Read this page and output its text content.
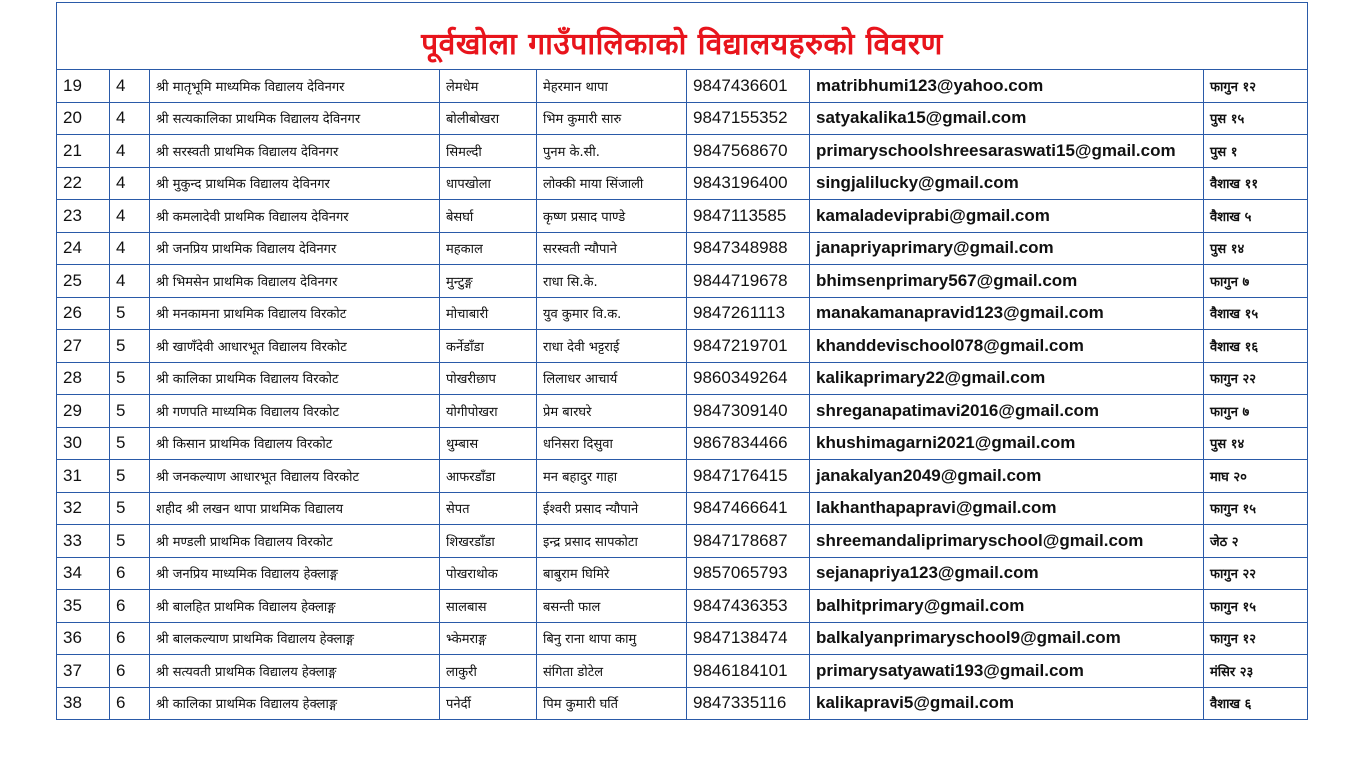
पूर्वखोला गाउँपालिकाको विद्यालयहरुको विवरण							
19	4	श्री मातृभूमि माध्यमिक विद्यालय देविनगर	लेमधेम	मेहरमान थापा	9847436601	matribhumi123@yahoo.com	फागुन १२
20	4	श्री सत्यकालिका प्राथमिक विद्यालय देविनगर	बोलीबोखरा	भिम कुमारी सारु	9847155352	satyakalika15@gmail.com	पुस १५
21	4	श्री सरस्वती प्राथमिक विद्यालय देविनगर	सिमल्दी	पुनम के.सी.	9847568670	primaryschoolshreesaraswati15@gmail.com	पुस १
22	4	श्री मुकुन्द प्राथमिक विद्यालय देविनगर	धापखोला	लोक्की माया सिंजाली	9843196400	singjalilucky@gmail.com	वैशाख ११
23	4	श्री कमलादेवी प्राथमिक विद्यालय देविनगर	बेसर्घा	कृष्ण प्रसाद पाण्डे	9847113585	kamaladeviprabi@gmail.com	वैशाख ५
24	4	श्री जनप्रिय प्राथमिक विद्यालय देविनगर	महकाल	सरस्वती न्यौपाने	9847348988	janapriyaprimary@gmail.com	पुस १४
25	4	श्री भिमसेन प्राथमिक विद्यालय देविनगर	मुन्टुङ्ग	राधा सि.के.	9844719678	bhimsenprimary567@gmail.com	फागुन ७
26	5	श्री मनकामना प्राथमिक विद्यालय विरकोट	मोचाबारी	युव कुमार वि.क.	9847261113	manakamanapravid123@gmail.com	वैशाख १५
27	5	श्री खाणँदेवी आधारभूत विद्यालय विरकोट	कर्नेडाँडा	राधा देवी भट्टराई	9847219701	khanddevischool078@gmail.com	वैशाख १६
28	5	श्री कालिका प्राथमिक विद्यालय विरकोट	पोखरीछाप	लिलाधर आचार्य	9860349264	kalikaprimary22@gmail.com	फागुन २२
29	5	श्री गणपति माध्यमिक विद्यालय विरकोट	योगीपोखरा	प्रेम बारघरे	9847309140	shreganapatimavi2016@gmail.com	फागुन ७
30	5	श्री किसान प्राथमिक विद्यालय विरकोट	थुम्बास	धनिसरा दिसुवा	9867834466	khushimagarni2021@gmail.com	पुस १४
31	5	श्री जनकल्याण आधारभूत विद्यालय विरकोट	आफरडाँडा	मन बहादुर गाहा	9847176415	janakalyan2049@gmail.com	माघ २०
32	5	शहीद श्री लखन थापा प्राथमिक विद्यालय	सेपत	ईश्वरी प्रसाद न्यौपाने	9847466641	lakhanthapapravi@gmail.com	फागुन १५
33	5	श्री मण्डली प्राथमिक विद्यालय विरकोट	शिखरडाँडा	इन्द्र प्रसाद सापकोटा	9847178687	shreemandaliprimaryschool@gmail.com	जेठ २
34	6	श्री जनप्रिय माध्यमिक विद्यालय हेक्लाङ्ग	पोखराथोक	बाबुराम घिमिरे	9857065793	sejanapriya123@gmail.com	फागुन २२
35	6	श्री बालहित प्राथमिक विद्यालय हेक्लाङ्ग	सालबास	बसन्ती फाल	9847436353	balhitprimary@gmail.com	फागुन १५
36	6	श्री बालकल्याण प्राथमिक विद्यालय हेक्लाङ्ग	भ्केमराङ्ग	बिनु राना थापा कामु	9847138474	balkalyanprimaryschool9@gmail.com	फागुन १२
37	6	श्री सत्यवती प्राथमिक विद्यालय हेक्लाङ्ग	लाकुरी	संगिता डोटेल	9846184101	primarysatyawati193@gmail.com	मंसिर २३
38	6	श्री कालिका प्राथमिक विद्यालय हेक्लाङ्ग	पनेर्दी	पिम कुमारी घर्ति	9847335116	kalikapravi5@gmail.com	वैशाख ६
